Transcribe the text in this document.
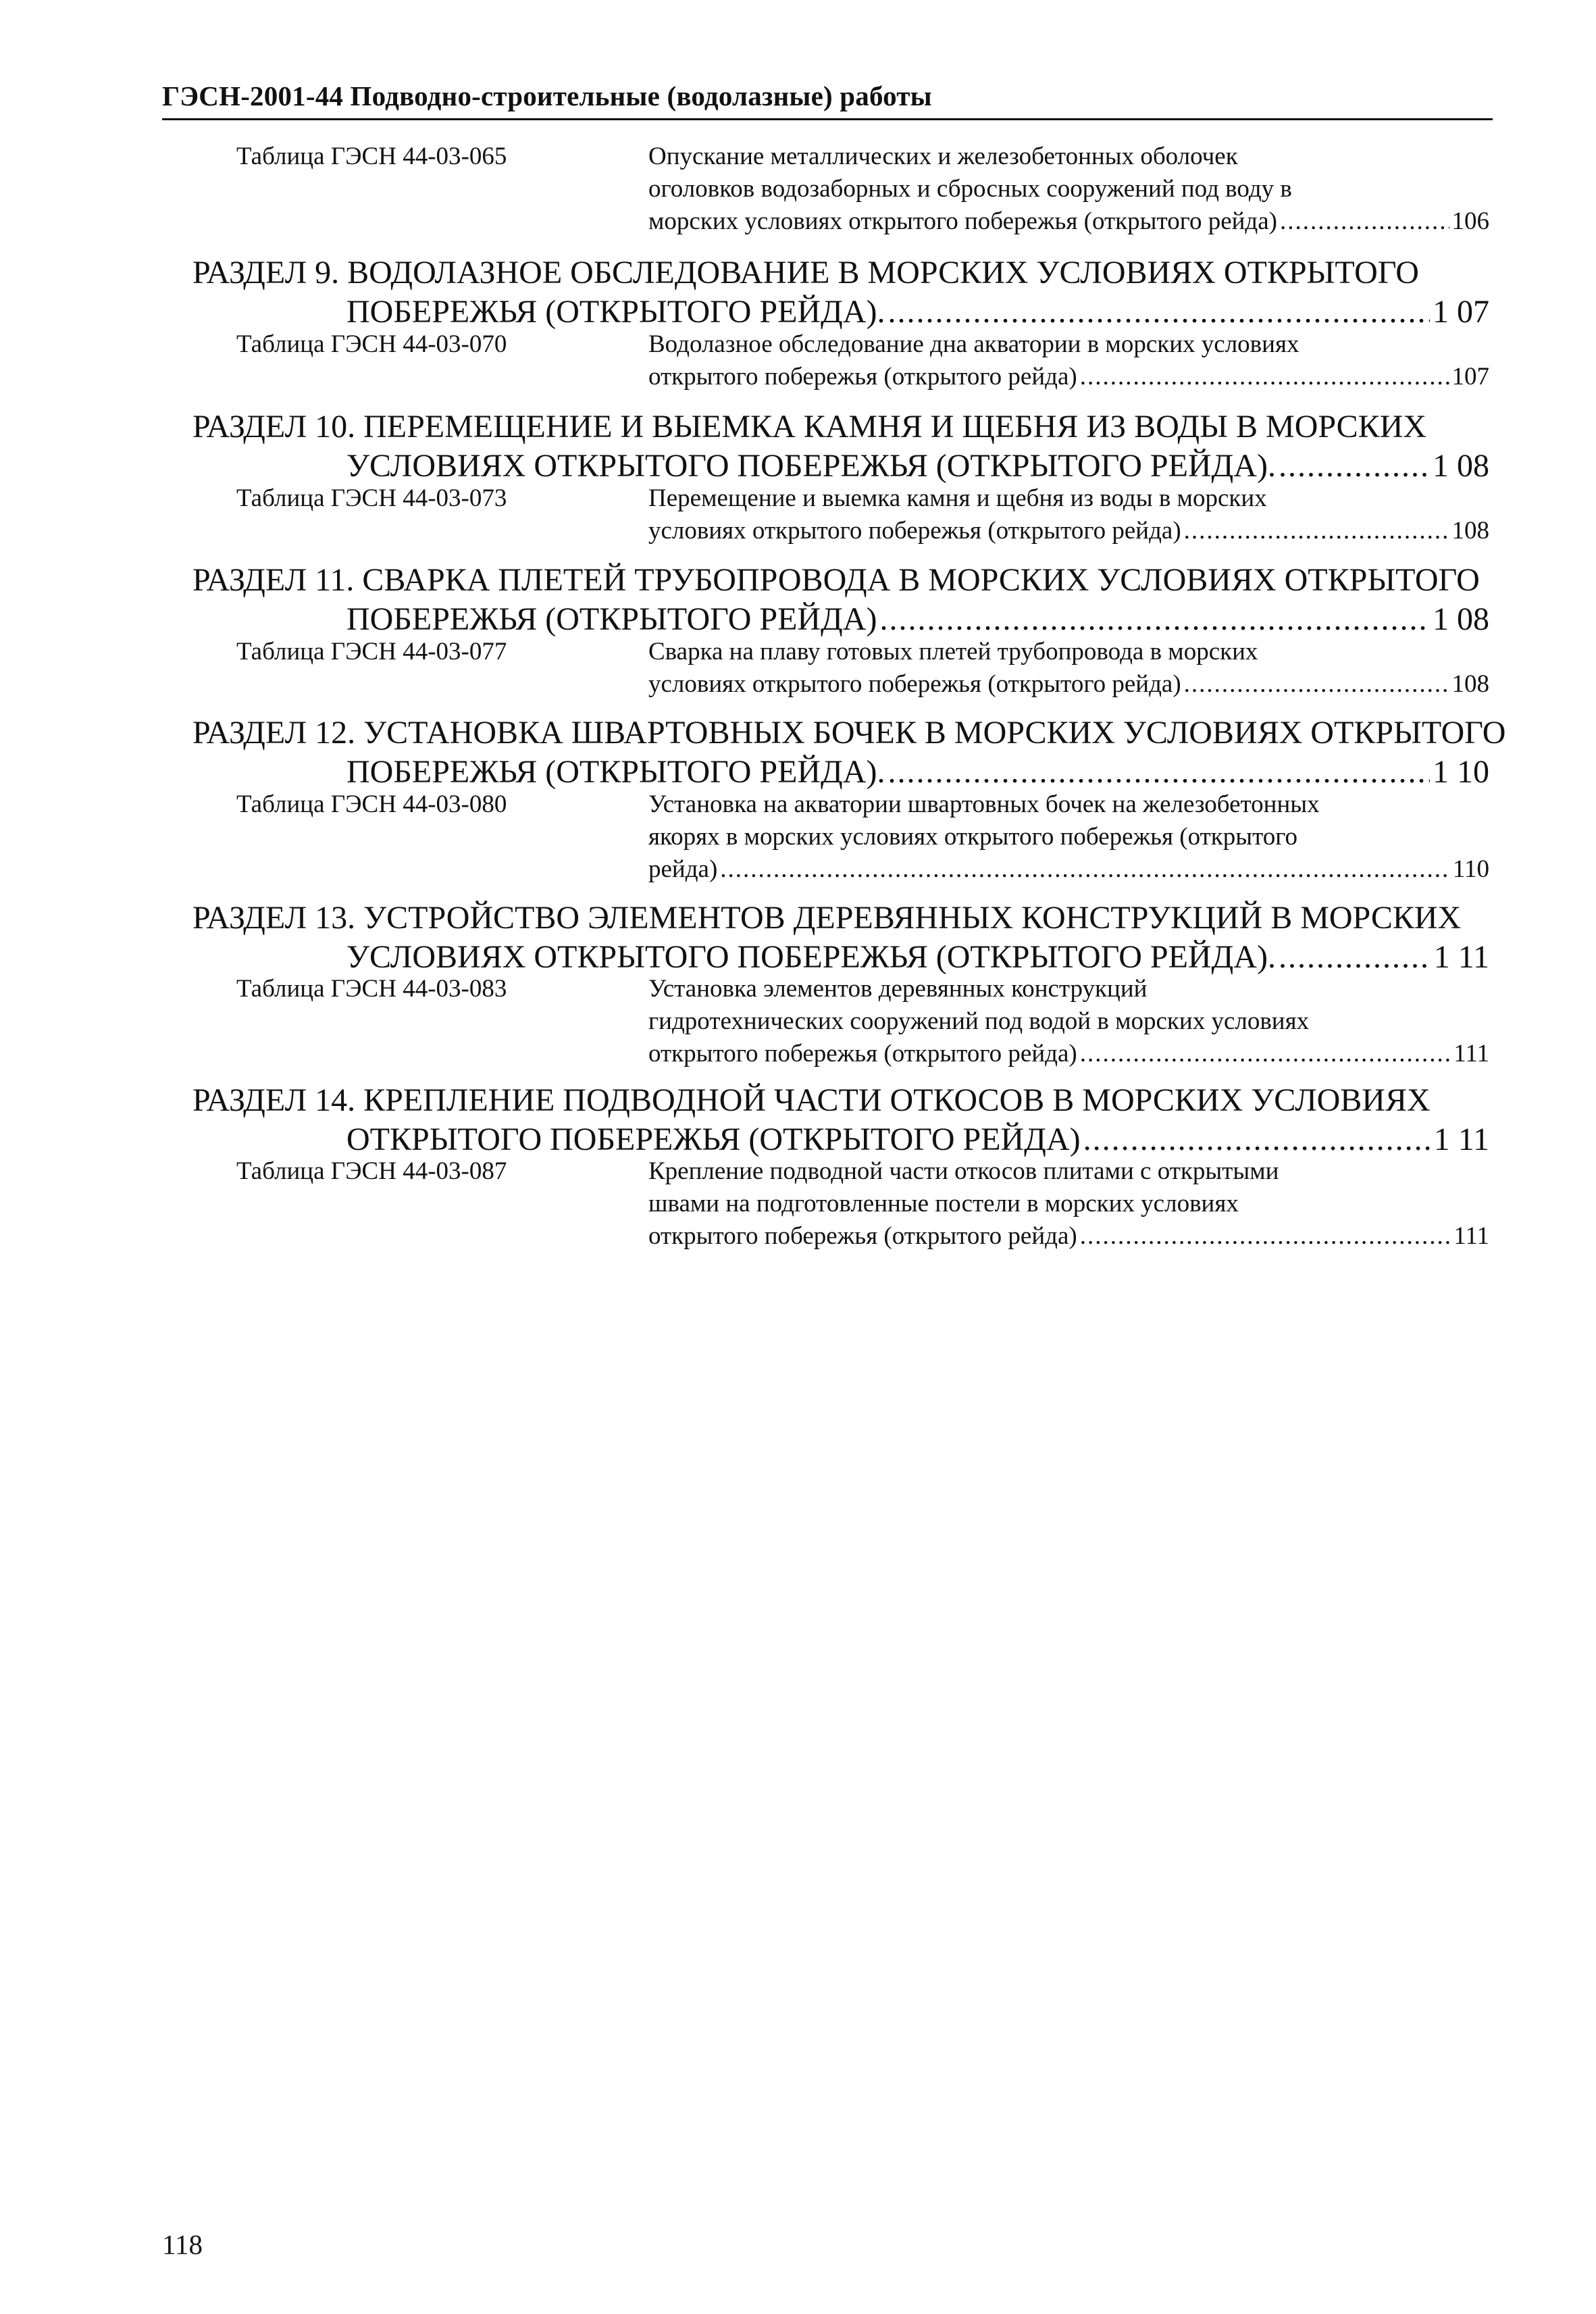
ГЭСН-2001-44 Подводно-строительные (водолазные) работы
Таблица ГЭСН 44-03-065	Опускание металлических и железобетонных оболочек
оголовков водозаборных и сбросных сооружений под воду в
морских условиях открытого побережья (открытого рейда) .....	106
РАЗДЕЛ 9. ВОДОЛАЗНОЕ ОБСЛЕДОВАНИЕ В МОРСКИХ УСЛОВИЯХ ОТКРЫТОГО
ПОБЕРЕЖЬЯ (ОТКРЫТОГО РЕЙДА). .....	1 07
Таблица ГЭСН 44-03-070	Водолазное обследование дна акватории в морских условиях
открытого побережья (открытого рейда) .....	107
РАЗДЕЛ 10. ПЕРЕМЕЩЕНИЕ И ВЫЕМКА КАМНЯ И ЩЕБНЯ ИЗ ВОДЫ В МОРСКИХ
УСЛОВИЯХ ОТКРЫТОГО ПОБЕРЕЖЬЯ (ОТКРЫТОГО РЕЙДА). .....	1 08
Таблица ГЭСН 44-03-073	Перемещение и выемка камня и щебня из воды в морских
условиях открытого побережья (открытого рейда) .....	108
РАЗДЕЛ 11. СВАРКА ПЛЕТЕЙ ТРУБОПРОВОДА В МОРСКИХ УСЛОВИЯХ ОТКРЫТОГО
ПОБЕРЕЖЬЯ (ОТКРЫТОГО РЕЙДА) .....	1 08
Таблица ГЭСН 44-03-077	Сварка на плаву готовых плетей трубопровода в морских
условиях открытого побережья (открытого рейда) .....	108
РАЗДЕЛ 12. УСТАНОВКА ШВАРТОВНЫХ БОЧЕК В МОРСКИХ УСЛОВИЯХ ОТКРЫТОГО
ПОБЕРЕЖЬЯ (ОТКРЫТОГО РЕЙДА). .....	1 10
Таблица ГЭСН 44-03-080	Установка на акватории швартовных бочек на железобетонных
якорях в морских условиях открытого побережья (открытого
рейда) .....	110
РАЗДЕЛ 13. УСТРОЙСТВО ЭЛЕМЕНТОВ ДЕРЕВЯННЫХ КОНСТРУКЦИЙ В МОРСКИХ
УСЛОВИЯХ ОТКРЫТОГО ПОБЕРЕЖЬЯ (ОТКРЫТОГО РЕЙДА). .....	1 11
Таблица ГЭСН 44-03-083	Установка элементов деревянных конструкций
гидротехнических сооружений под водой в морских условиях
открытого побережья (открытого рейда) .....	111
РАЗДЕЛ 14. КРЕПЛЕНИЕ ПОДВОДНОЙ ЧАСТИ ОТКОСОВ В МОРСКИХ УСЛОВИЯХ
ОТКРЫТОГО ПОБЕРЕЖЬЯ (ОТКРЫТОГО РЕЙДА) .....	1 11
Таблица ГЭСН 44-03-087	Крепление подводной части откосов плитами с открытыми
швами на подготовленные постели в морских условиях
открытого побережья (открытого рейда) .....	111
118
